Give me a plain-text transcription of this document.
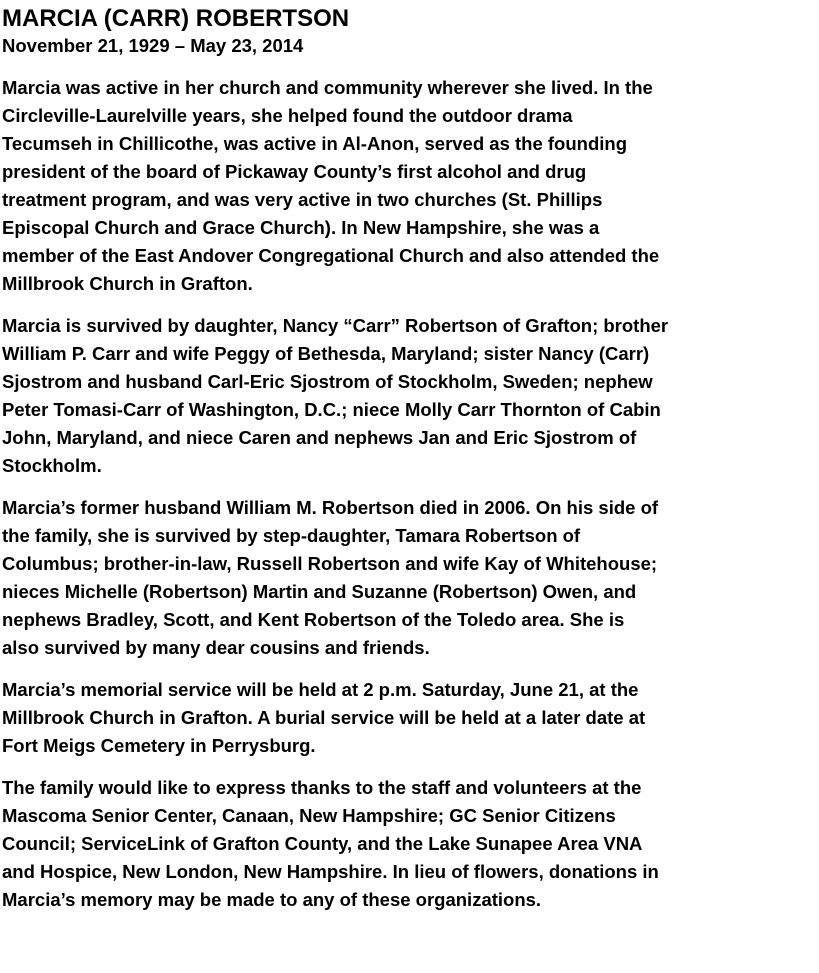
MARCIA (CARR) ROBERTSON
November 21, 1929 – May 23, 2014

Marcia was active in her church and community wherever she lived. In the
Circleville-Laurelville years, she helped found the outdoor drama
Tecumseh in Chillicothe, was active in Al-Anon, served as the founding
president of the board of Pickaway County’s first alcohol and drug
treatment program, and was very active in two churches (St. Phillips
Episcopal Church and Grace Church). In New Hampshire, she was a
member of the East Andover Congregational Church and also attended the
Millbrook Church in Grafton.

Marcia is survived by daughter, Nancy “Carr” Robertson of Grafton; brother
William P. Carr and wife Peggy of Bethesda, Maryland; sister Nancy (Carr)
Sjostrom and husband Carl-Eric Sjostrom of Stockholm, Sweden; nephew
Peter Tomasi-Carr of Washington, D.C.; niece Molly Carr Thornton of Cabin
John, Maryland, and niece Caren and nephews Jan and Eric Sjostrom of
Stockholm.

Marcia’s former husband William M. Robertson died in 2006. On his side of
the family, she is survived by step-daughter, Tamara Robertson of
Columbus; brother-in-law, Russell Robertson and wife Kay of Whitehouse;
nieces Michelle (Robertson) Martin and Suzanne (Robertson) Owen, and
nephews Bradley, Scott, and Kent Robertson of the Toledo area. She is
also survived by many dear cousins and friends.

Marcia’s memorial service will be held at 2 p.m. Saturday, June 21, at the
Millbrook Church in Grafton. A burial service will be held at a later date at
Fort Meigs Cemetery in Perrysburg.

The family would like to express thanks to the staff and volunteers at the
Mascoma Senior Center, Canaan, New Hampshire; GC Senior Citizens
Council; ServiceLink of Grafton County, and the Lake Sunapee Area VNA
and Hospice, New London, New Hampshire. In lieu of flowers, donations in
Marcia’s memory may be made to any of these organizations.
